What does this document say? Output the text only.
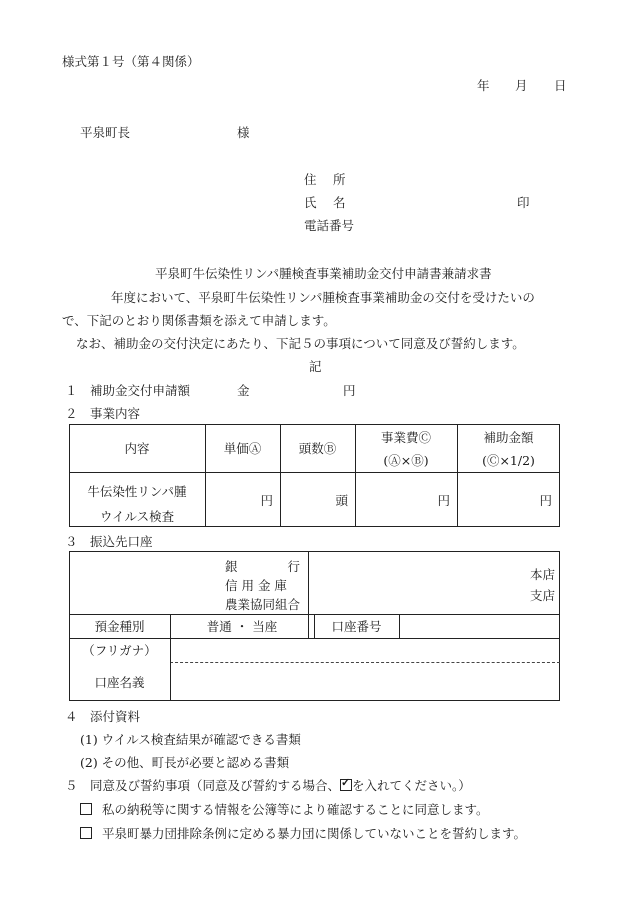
様式第１号（第４関係）
年 月 日
平泉町長	様
住　 所
氏　 名	印
電話番号
平泉町牛伝染性リンパ腫検査事業補助金交付申請書兼請求書
年度において、平泉町牛伝染性リンパ腫検査事業補助金の交付を受けたいの
で、下記のとおり関係書類を添えて申請します。
なお、補助金の交付決定にあたり、下記５の事項について同意及び誓約します。
記
１　補助金交付申請額	金	円
２　事業内容
内容	単価Ⓐ	頭数Ⓑ
事業費Ⓒ
(Ⓐ×Ⓑ)
補助金額
(Ⓒ×1/2)
牛伝染性リンパ腫
ウイルス検査
円	頭	円	円
３　振込先口座
銀　　　　行
信 用 金 庫
農業協同組合
本店
支店
預金種別	普通 ・ 当座	口座番号
（フリガナ）
口座名義
４　添付資料
(1) ウイルス検査結果が確認できる書類
(2) その他、町長が必要と認める書類
５　同意及び誓約事項（同意及び誓約する場合、✓ を入れてください。）
私の納税等に関する情報を公簿等により確認することに同意します。
平泉町暴力団排除条例に定める暴力団に関係していないことを誓約します。
